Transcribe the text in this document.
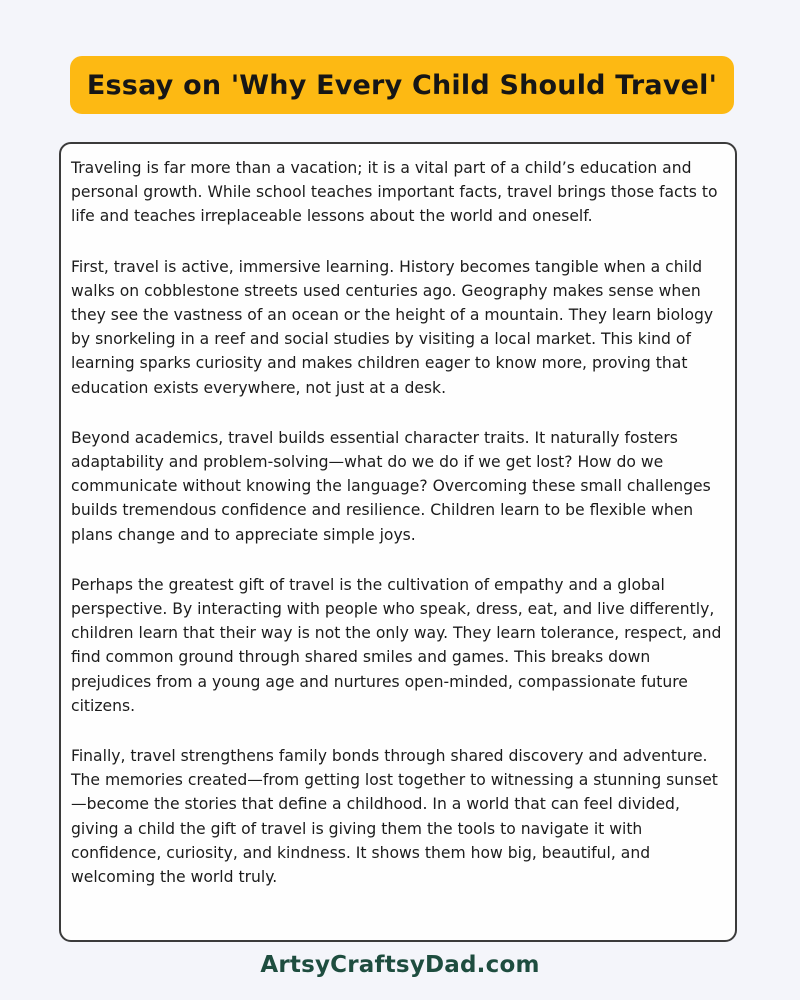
Essay on 'Why Every Child Should Travel'

Traveling is far more than a vacation; it is a vital part of a child’s education and personal growth. While school teaches important facts, travel brings those facts to life and teaches irreplaceable lessons about the world and oneself.

First, travel is active, immersive learning. History becomes tangible when a child walks on cobblestone streets used centuries ago. Geography makes sense when they see the vastness of an ocean or the height of a mountain. They learn biology by snorkeling in a reef and social studies by visiting a local market. This kind of learning sparks curiosity and makes children eager to know more, proving that education exists everywhere, not just at a desk.

Beyond academics, travel builds essential character traits. It naturally fosters adaptability and problem-solving—what do we do if we get lost? How do we communicate without knowing the language? Overcoming these small challenges builds tremendous confidence and resilience. Children learn to be flexible when plans change and to appreciate simple joys.

Perhaps the greatest gift of travel is the cultivation of empathy and a global perspective. By interacting with people who speak, dress, eat, and live differently, children learn that their way is not the only way. They learn tolerance, respect, and find common ground through shared smiles and games. This breaks down prejudices from a young age and nurtures open-minded, compassionate future citizens.

Finally, travel strengthens family bonds through shared discovery and adventure. The memories created—from getting lost together to witnessing a stunning sunset—become the stories that define a childhood. In a world that can feel divided, giving a child the gift of travel is giving them the tools to navigate it with confidence, curiosity, and kindness. It shows them how big, beautiful, and welcoming the world truly.

ArtsyCraftsyDad.com
